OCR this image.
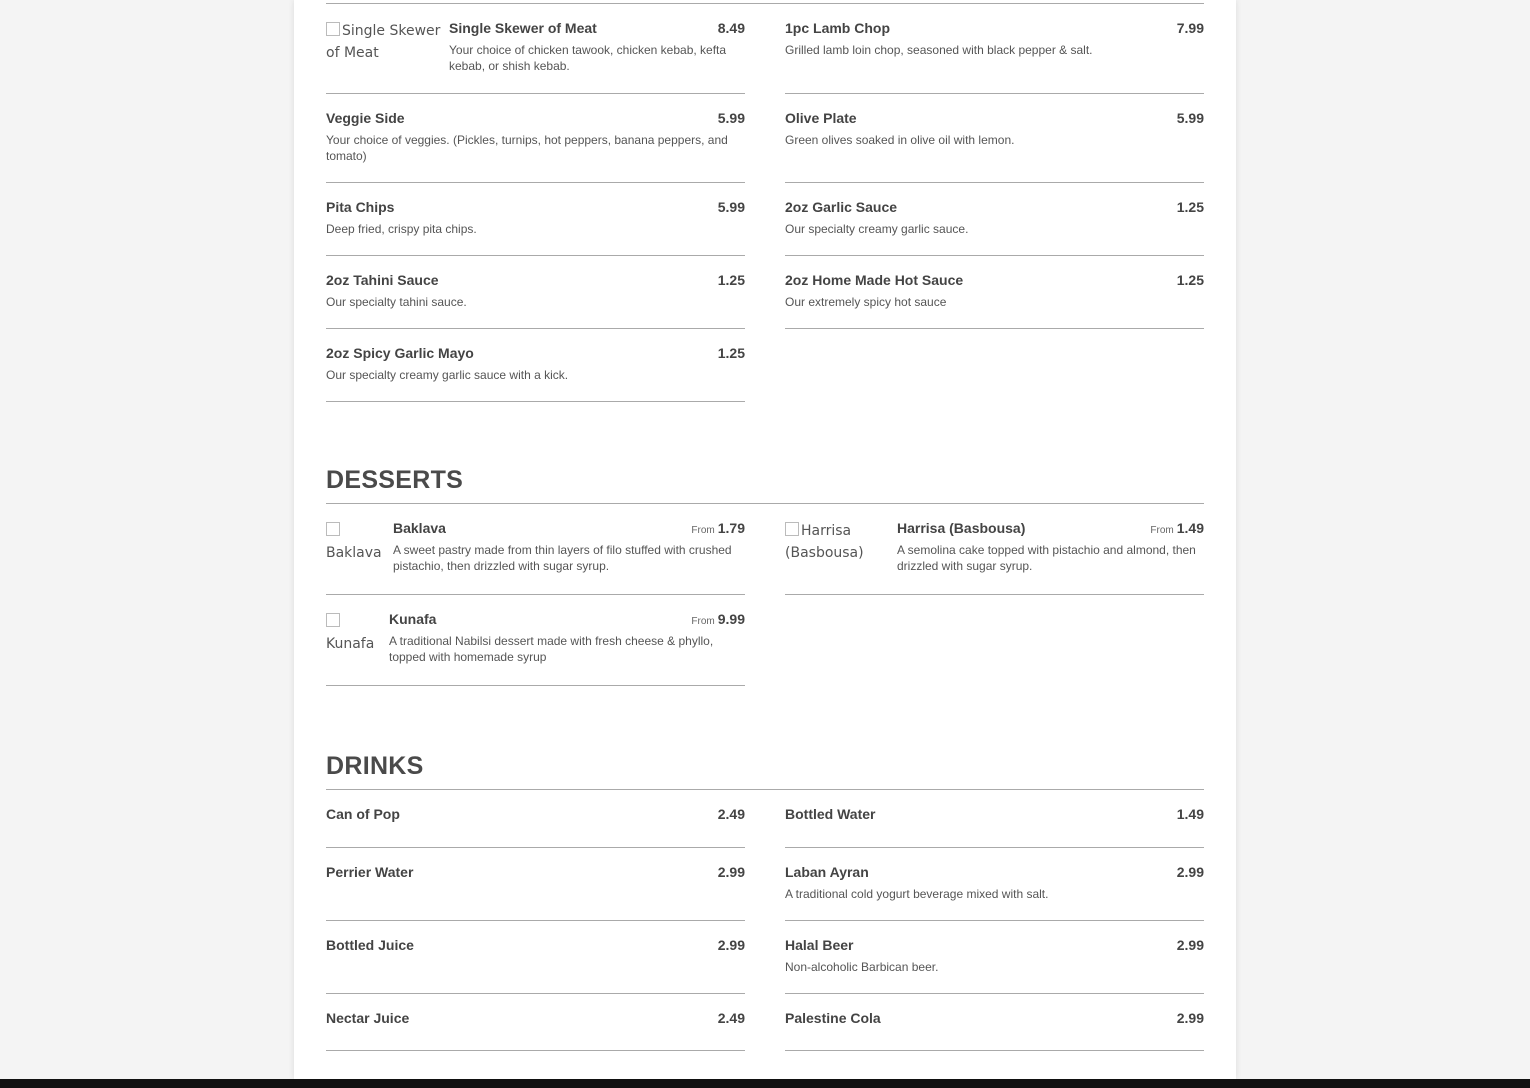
Single Skewer of Meat
Single Skewer of Meat	8.49
Your choice of chicken tawook, chicken kebab, kefta kebab, or shish kebab.
Veggie Side	5.99
Your choice of veggies. (Pickles, turnips, hot peppers, banana peppers, and tomato)
Pita Chips	5.99
Deep fried, crispy pita chips.
2oz Tahini Sauce	1.25
Our specialty tahini sauce.
2oz Spicy Garlic Mayo	1.25
Our specialty creamy garlic sauce with a kick.
1pc Lamb Chop	7.99
Grilled lamb loin chop, seasoned with black pepper & salt.
Olive Plate	5.99
Green olives soaked in olive oil with lemon.
2oz Garlic Sauce	1.25
Our specialty creamy garlic sauce.
2oz Home Made Hot Sauce	1.25
Our extremely spicy hot sauce
DESSERTS
Baklava
Baklava	From 1.79
A sweet pastry made from thin layers of filo stuffed with crushed pistachio, then drizzled with sugar syrup.
Kunafa
Kunafa	From 9.99
A traditional Nabilsi dessert made with fresh cheese & phyllo, topped with homemade syrup
Harrisa (Basbousa)
Harrisa (Basbousa)	From 1.49
A semolina cake topped with pistachio and almond, then drizzled with sugar syrup.
DRINKS
Can of Pop	2.49
Perrier Water	2.99
Bottled Juice	2.99
Nectar Juice	2.49
Bottled Water	1.49
Laban Ayran	2.99
A traditional cold yogurt beverage mixed with salt.
Halal Beer	2.99
Non-alcoholic Barbican beer.
Palestine Cola	2.99
